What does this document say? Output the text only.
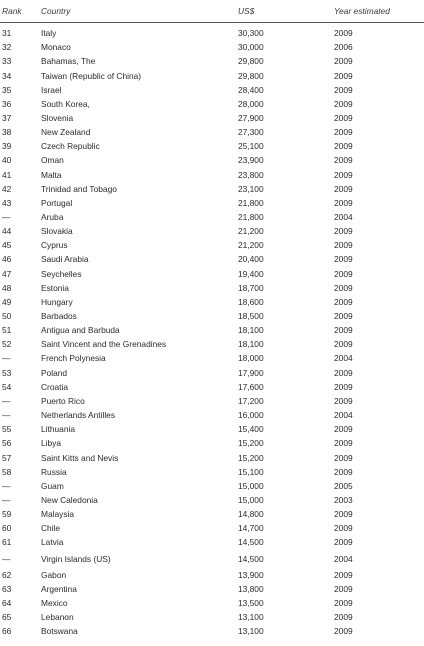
Rank Country	US$	Year estimated
31	Italy	30,300	2009
32	Monaco	30,000	2006
33	Bahamas, The	29,800	2009
34	Taiwan (Republic of China)	29,800	2009
35	Israel	28,400	2009
36	South Korea,	28,000	2009
37	Slovenia	27,900	2009
38	New Zealand	27,300	2009
39	Czech Republic	25,100	2009
40	Oman	23,900	2009
41	Malta	23,800	2009
42	Trinidad and Tobago	23,100	2009
43	Portugal	21,800	2009
—	Aruba	21,800	2004
44	Slovakia	21,200	2009
45	Cyprus	21,200	2009
46	Saudi Arabia	20,400	2009
47	Seychelles	19,400	2009
48	Estonia	18,700	2009
49	Hungary	18,600	2009
50	Barbados	18,500	2009
51	Antigua and Barbuda	18,100	2009
52	Saint Vincent and the Grenadines	18,100	2009
—	French Polynesia	18,000	2004
53	Poland	17,900	2009
54	Croatia	17,600	2009
—	Puerto Rico	17,200	2009
—	Netherlands Antilles	16,000	2004
55	Lithuania	15,400	2009
56	Libya	15,200	2009
57	Saint Kitts and Nevis	15,200	2009
58	Russia	15,100	2009
—	Guam	15,000	2005
—	New Caledonia	15,000	2003
59	Malaysia	14,800	2009
60	Chile	14,700	2009
61	Latvia	14,500	2009
—	Virgin Islands (US)	14,500	2004
62	Gabon	13,900	2009
63	Argentina	13,800	2009
64	Mexico	13,500	2009
65	Lebanon	13,100	2009
66	Botswana	13,100	2009
